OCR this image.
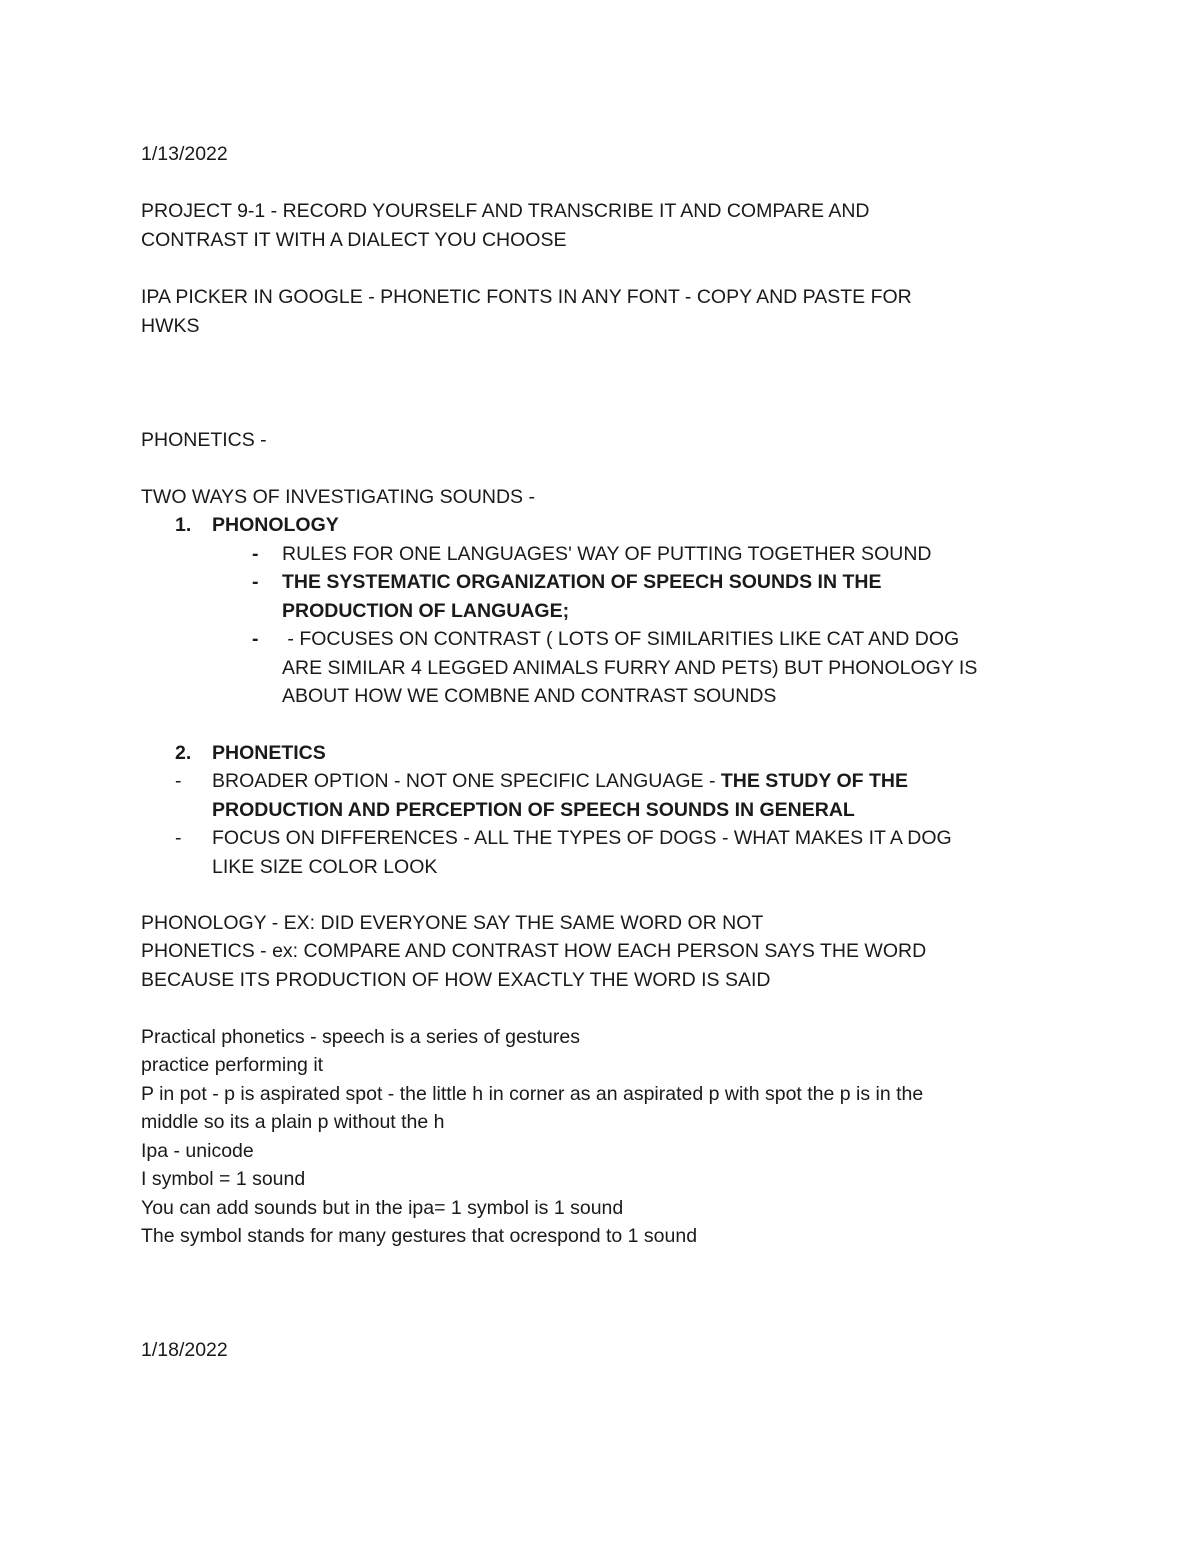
1/13/2022
PROJECT 9-1 - RECORD YOURSELF AND TRANSCRIBE IT AND COMPARE AND
CONTRAST IT WITH A DIALECT YOU CHOOSE
IPA PICKER IN GOOGLE - PHONETIC FONTS IN ANY FONT - COPY AND PASTE FOR
HWKS
PHONETICS -
TWO WAYS OF INVESTIGATING SOUNDS -
1. PHONOLOGY
- RULES FOR ONE LANGUAGES' WAY OF PUTTING TOGETHER SOUND
- THE SYSTEMATIC ORGANIZATION OF SPEECH SOUNDS IN THE
PRODUCTION OF LANGUAGE;
- - FOCUSES ON CONTRAST ( LOTS OF SIMILARITIES LIKE CAT AND DOG
ARE SIMILAR 4 LEGGED ANIMALS FURRY AND PETS) BUT PHONOLOGY IS
ABOUT HOW WE COMBNE AND CONTRAST SOUNDS
2. PHONETICS
- BROADER OPTION - NOT ONE SPECIFIC LANGUAGE - THE STUDY OF THE
PRODUCTION AND PERCEPTION OF SPEECH SOUNDS IN GENERAL
- FOCUS ON DIFFERENCES - ALL THE TYPES OF DOGS - WHAT MAKES IT A DOG
LIKE SIZE COLOR LOOK
PHONOLOGY - EX: DID EVERYONE SAY THE SAME WORD OR NOT
PHONETICS - ex: COMPARE AND CONTRAST HOW EACH PERSON SAYS THE WORD
BECAUSE ITS PRODUCTION OF HOW EXACTLY THE WORD IS SAID
Practical phonetics - speech is a series of gestures
practice performing it
P in pot - p is aspirated spot - the little h in corner as an aspirated p with spot the p is in the
middle so its a plain p without the h
Ipa - unicode
I symbol = 1 sound
You can add sounds but in the ipa= 1 symbol is 1 sound
The symbol stands for many gestures that ocrespond to 1 sound
1/18/2022
